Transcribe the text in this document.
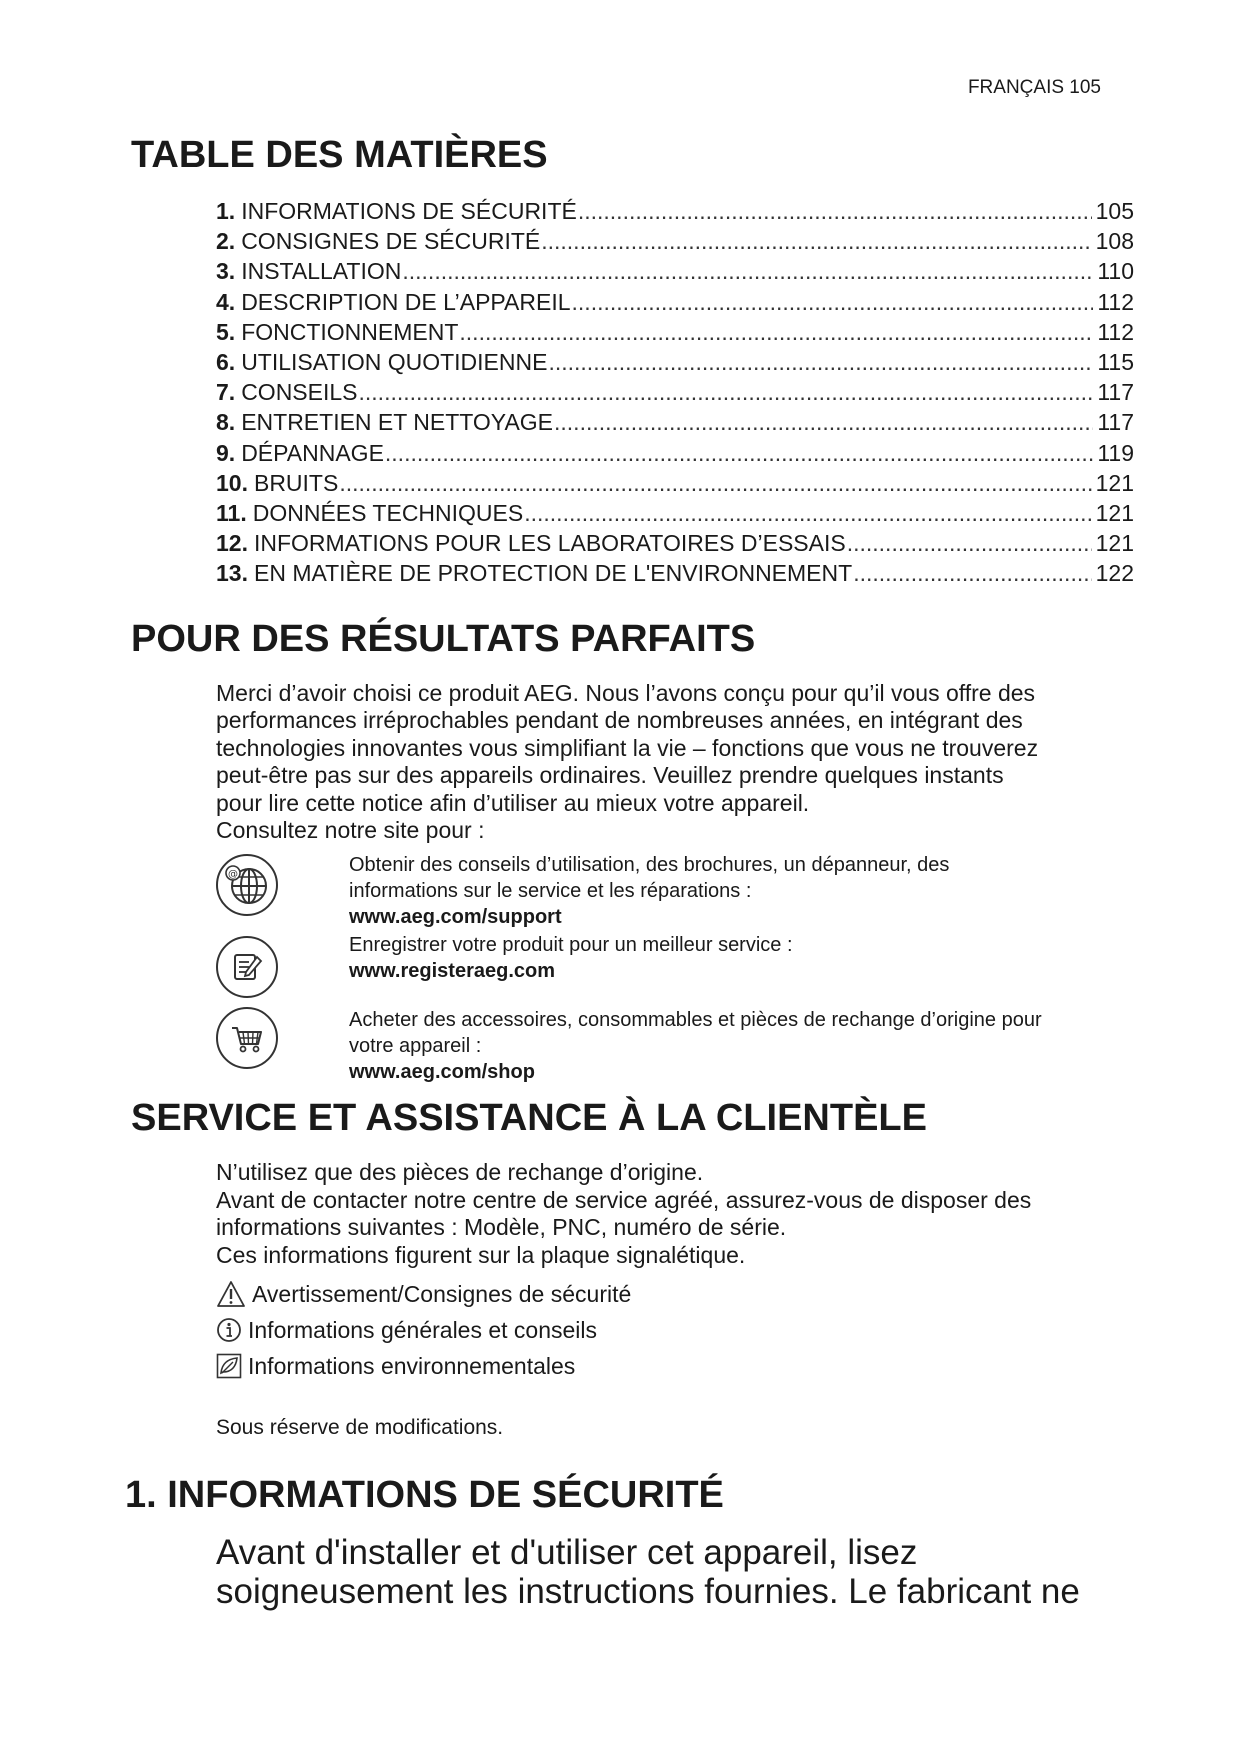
FRANÇAIS 105
TABLE DES MATIÈRES
1. INFORMATIONS DE SÉCURITÉ .....	105
2. CONSIGNES DE SÉCURITÉ .....	108
3. INSTALLATION .....	110
4. DESCRIPTION DE L’APPAREIL .....	112
5. FONCTIONNEMENT .....	112
6. UTILISATION QUOTIDIENNE .....	115
7. CONSEILS .....	117
8. ENTRETIEN ET NETTOYAGE .....	117
9. DÉPANNAGE .....	119
10. BRUITS .....	121
11. DONNÉES TECHNIQUES .....	121
12. INFORMATIONS POUR LES LABORATOIRES D’ESSAIS .....	121
13. EN MATIÈRE DE PROTECTION DE L'ENVIRONNEMENT .....	122
POUR DES RÉSULTATS PARFAITS
Merci d’avoir choisi ce produit AEG. Nous l’avons conçu pour qu’il vous offre des
performances irréprochables pendant de nombreuses années, en intégrant des
technologies innovantes vous simplifiant la vie – fonctions que vous ne trouverez
peut-être pas sur des appareils ordinaires. Veuillez prendre quelques instants
pour lire cette notice afin d’utiliser au mieux votre appareil.
Consultez notre site pour :
@	Obtenir des conseils d’utilisation, des brochures, un dépanneur, des
informations sur le service et les réparations :
www.aeg.com/support
Enregistrer votre produit pour un meilleur service :
www.registeraeg.com
Acheter des accessoires, consommables et pièces de rechange d’origine pour
votre appareil :
www.aeg.com/shop
SERVICE ET ASSISTANCE À LA CLIENTÈLE

N’utilisez que des pièces de rechange d’origine.

Avant de contacter notre centre de service agréé, assurez-vous de disposer des

informations suivantes : Modèle, PNC, numéro de série.

Ces informations figurent sur la plaque signalétique.

Avertissement/Consignes de sécurité
Informations générales et conseils
Informations environnementales
Sous réserve de modifications.
1. INFORMATIONS DE SÉCURITÉ
Avant d'installer et d'utiliser cet appareil, lisez
soigneusement les instructions fournies. Le fabricant ne
